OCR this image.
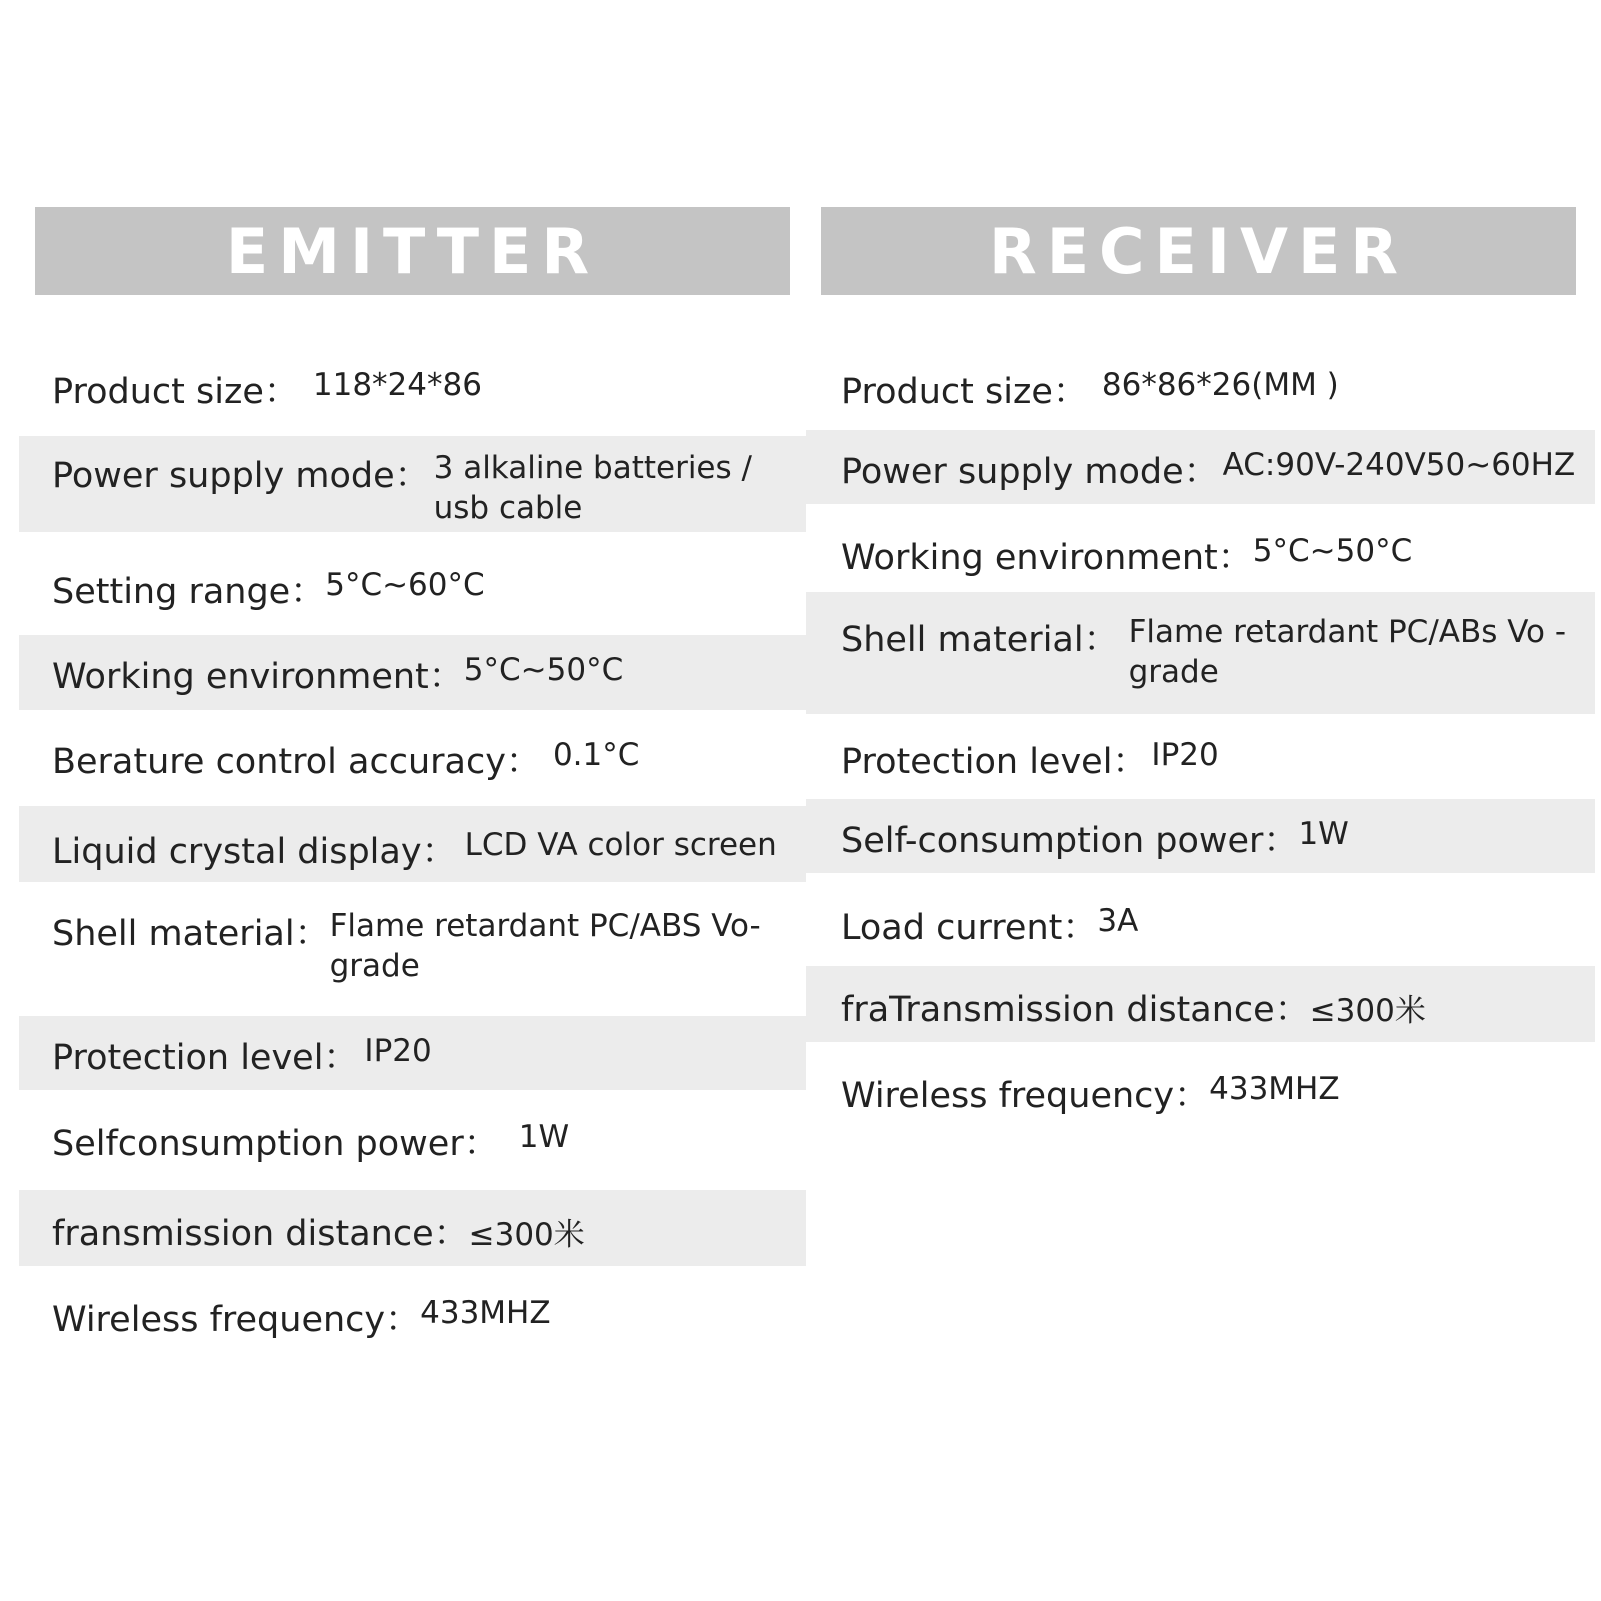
EMITTER	RECEIVER
Product size： 118*24*86
Power supply mode： 3 alkaline batteries / usb cable
Setting range： 5°C~60°C
Working environment： 5°C~50°C
Berature control accuracy： 0.1°C
Liquid crystal display： LCD VA color screen
Shell material： Flame retardant PC/ABS Vo-grade
Protection level： IP20
Selfconsumption power： 1W
fransmission distance： ≤300米
Wireless frequency： 433MHZ
Product size： 86*86*26(MM )
Power supply mode： AC:90V-240V50~60HZ
Working environment： 5°C~50°C
Shell material： Flame retardant PC/ABs Vo -grade
Protection level： IP20
Self-consumption power： 1W
Load current： 3A
fraTransmission distance： ≤300米
Wireless frequency： 433MHZ
